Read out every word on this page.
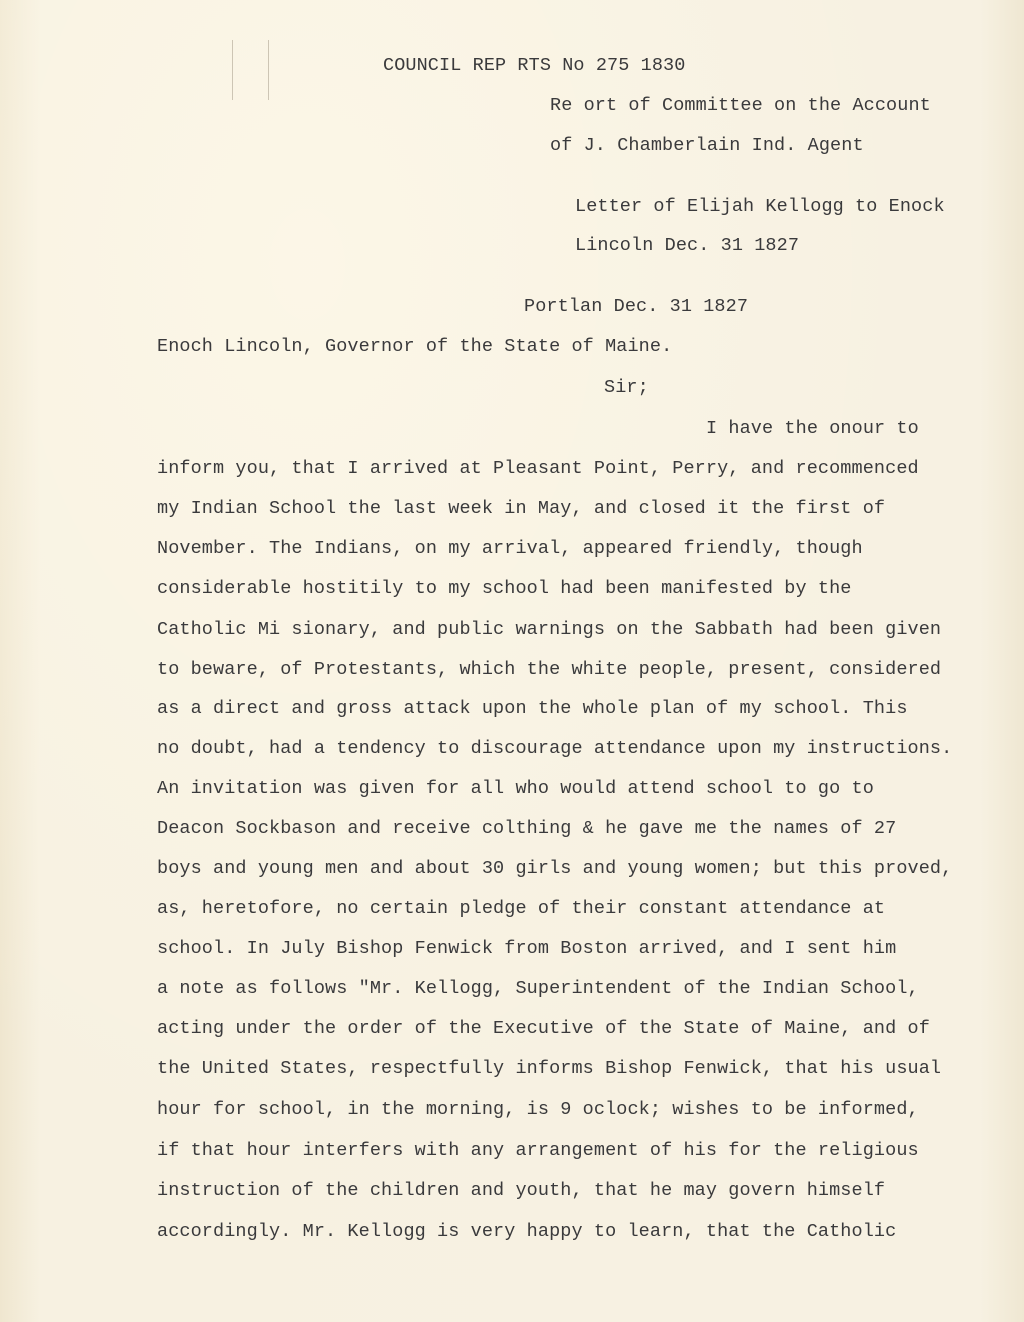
COUNCIL REP RTS No 275 1830
Re ort of Committee on the Account
of J. Chamberlain Ind. Agent
Letter of Elijah Kellogg to Enock
Lincoln Dec. 31 1827
Portlan Dec. 31 1827
Enoch Lincoln, Governor of the State of Maine.
Sir;
I have the onour to
inform you, that I arrived at Pleasant Point, Perry, and recommenced
my Indian School the last week in May, and closed it the first of
November. The Indians, on my arrival, appeared friendly, though
considerable hostitily to my school had been manifested by the
Catholic Mi sionary, and public warnings on the Sabbath had been given
to beware, of Protestants, which the white people, present, considered
as a direct and gross attack upon the whole plan of my school. This
no doubt, had a tendency to discourage attendance upon my instructions.
An invitation was given for all who would attend school to go to
Deacon Sockbason and receive colthing & he gave me the names of 27
boys and young men and about 30 girls and young women; but this proved,
as, heretofore, no certain pledge of their constant attendance at
school. In July Bishop Fenwick from Boston arrived, and I sent him
a note as follows "Mr. Kellogg, Superintendent of the Indian School,
acting under the order of the Executive of the State of Maine, and of
the United States, respectfully informs Bishop Fenwick, that his usual
hour for school, in the morning, is 9 oclock; wishes to be informed,
if that hour interfers with any arrangement of his for the religious
instruction of the children and youth, that he may govern himself
accordingly. Mr. Kellogg is very happy to learn, that the Catholic
